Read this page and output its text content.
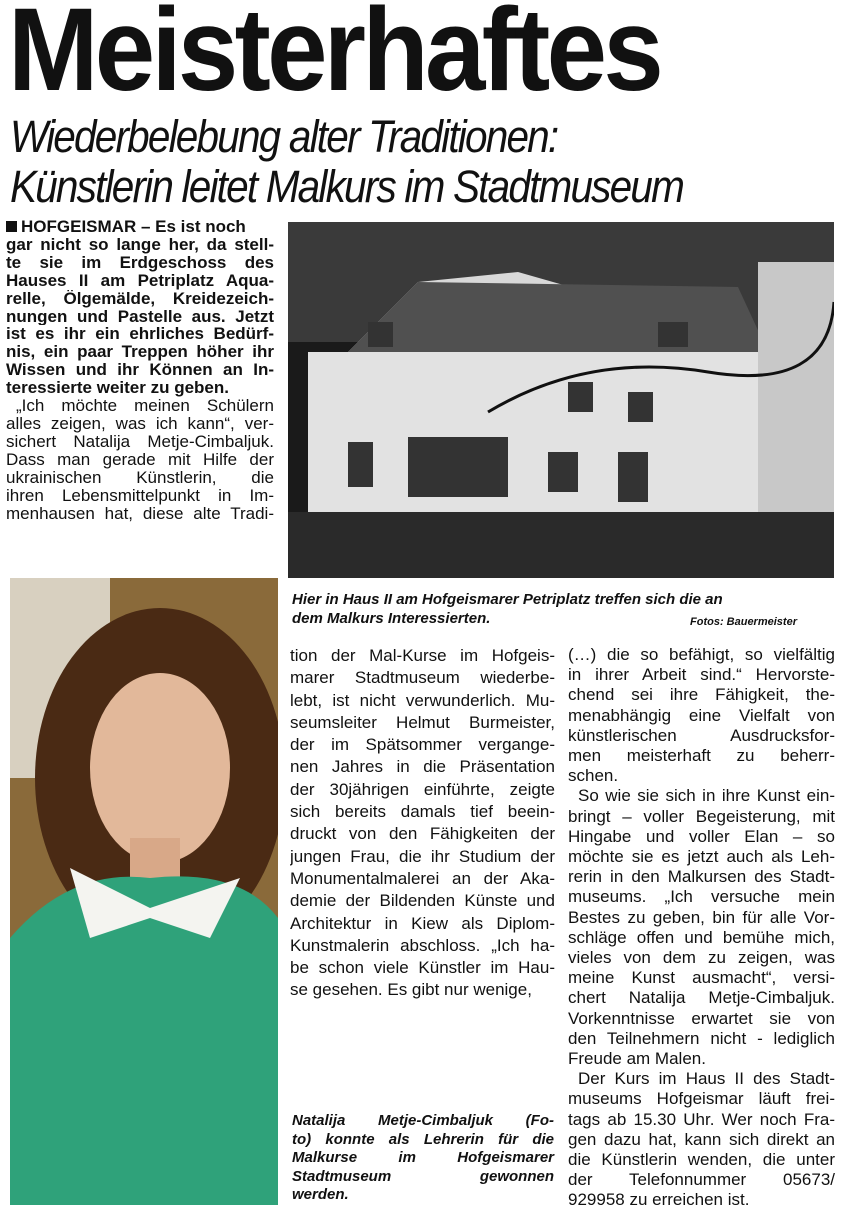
Meisterhaftes
Wiederbelebung alter Traditionen:
Künstlerin leitet Malkurs im Stadtmuseum
HOFGEISMAR – Es ist noch
gar nicht so lange her, da stell-
te sie im Erdgeschoss des
Hauses II am Petriplatz Aqua-
relle, Ölgemälde, Kreidezeich-
nungen und Pastelle aus. Jetzt
ist es ihr ein ehrliches Bedürf-
nis, ein paar Treppen höher ihr
Wissen und ihr Können an In-
teressierte weiter zu geben.
„Ich möchte meinen Schülern
alles zeigen, was ich kann“, ver-
sichert Natalija Metje-Cimbaljuk.
Dass man gerade mit Hilfe der
ukrainischen Künstlerin, die
ihren Lebensmittelpunkt in Im-
menhausen hat, diese alte Tradi-
Hier in Haus II am Hofgeismarer Petriplatz treffen sich die an
dem Malkurs Interessierten.	Fotos: Bauermeister
tion der Mal-Kurse im Hofgeis-
marer Stadtmuseum wiederbe-
lebt, ist nicht verwunderlich. Mu-
seumsleiter Helmut Burmeister,
der im Spätsommer vergange-
nen Jahres in die Präsentation
der 30jährigen einführte, zeigte
sich bereits damals tief beein-
druckt von den Fähigkeiten der
jungen Frau, die ihr Studium der
Monumentalmalerei an der Aka-
demie der Bildenden Künste und
Architektur in Kiew als Diplom-
Kunstmalerin abschloss. „Ich ha-
be schon viele Künstler im Hau-
se gesehen. Es gibt nur wenige,
Natalija Metje-Cimbaljuk (Fo-
to) konnte als Lehrerin für die
Malkurse im Hofgeismarer
Stadtmuseum gewonnen
werden.
(…) die so befähigt, so vielfältig
in ihrer Arbeit sind.“ Hervorste-
chend sei ihre Fähigkeit, the-
menabhängig eine Vielfalt von
künstlerischen Ausdrucksfor-
men meisterhaft zu beherr-
schen.
So wie sie sich in ihre Kunst ein-
bringt – voller Begeisterung, mit
Hingabe und voller Elan – so
möchte sie es jetzt auch als Leh-
rerin in den Malkursen des Stadt-
museums. „Ich versuche mein
Bestes zu geben, bin für alle Vor-
schläge offen und bemühe mich,
vieles von dem zu zeigen, was
meine Kunst ausmacht“, versi-
chert Natalija Metje-Cimbaljuk.
Vorkenntnisse erwartet sie von
den Teilnehmern nicht - lediglich
Freude am Malen.
Der Kurs im Haus II des Stadt-
museums Hofgeismar läuft frei-
tags ab 15.30 Uhr. Wer noch Fra-
gen dazu hat, kann sich direkt an
die Künstlerin wenden, die unter
der Telefonnummer 05673/
929958 zu erreichen ist.
